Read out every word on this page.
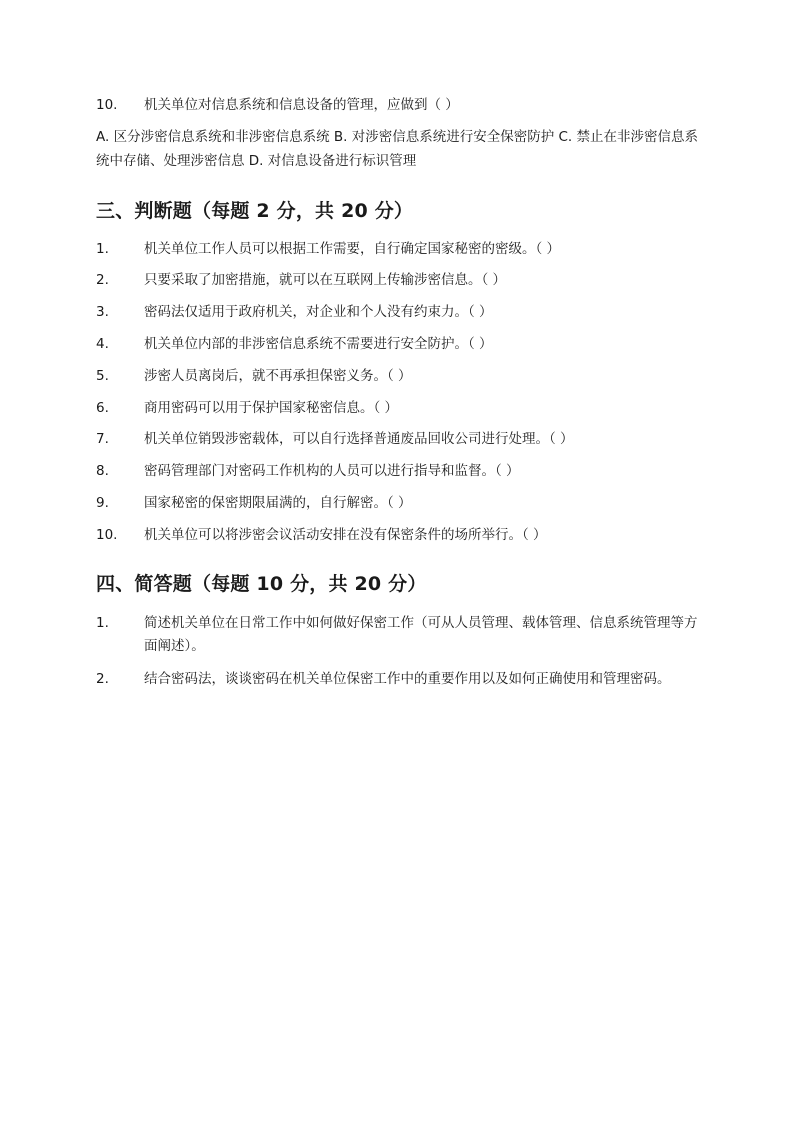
10. 机关单位对信息系统和信息设备的管理，应做到（ ）
A. 区分涉密信息系统和非涉密信息系统 B. 对涉密信息系统进行安全保密防护 C. 禁止在非涉密信息系统中存储、处理涉密信息 D. 对信息设备进行标识管理
三、判断题（每题 2 分，共 20 分）
1.	机关单位工作人员可以根据工作需要，自行确定国家秘密的密级。（ ）
2.	只要采取了加密措施，就可以在互联网上传输涉密信息。（ ）
3.	密码法仅适用于政府机关，对企业和个人没有约束力。（ ）
4.	机关单位内部的非涉密信息系统不需要进行安全防护。（ ）
5.	涉密人员离岗后，就不再承担保密义务。（ ）
6.	商用密码可以用于保护国家秘密信息。（ ）
7.	机关单位销毁涉密载体，可以自行选择普通废品回收公司进行处理。（ ）
8.	密码管理部门对密码工作机构的人员可以进行指导和监督。（ ）
9.	国家秘密的保密期限届满的，自行解密。（ ）
10. 机关单位可以将涉密会议活动安排在没有保密条件的场所举行。（ ）
四、简答题（每题 10 分，共 20 分）
1.	简述机关单位在日常工作中如何做好保密工作（可从人员管理、载体管理、信息系统管理等方面阐述）。
2.	结合密码法，谈谈密码在机关单位保密工作中的重要作用以及如何正确使用和管理密码。
